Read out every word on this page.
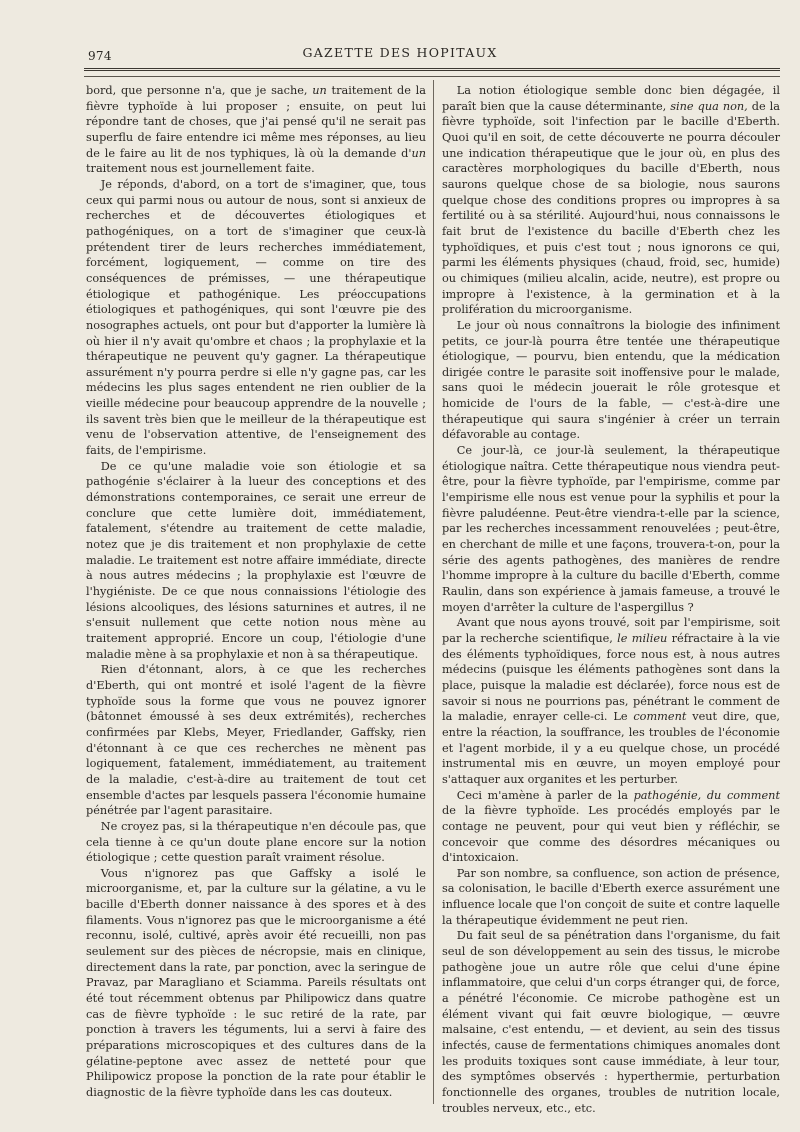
974	GAZETTE DES HOPITAUX

bord, que personne n'a, que je sache, un traitement de la fièvre typhoïde à lui proposer ; ensuite, on peut lui répondre tant de choses, que j'ai pensé qu'il ne serait pas superflu de faire entendre ici même mes réponses, au lieu de le faire au lit de nos typhiques, là où la demande d'un traitement nous est journellement faite.

Je réponds, d'abord, on a tort de s'imaginer, que, tous ceux qui parmi nous ou autour de nous, sont si anxieux de recherches et de découvertes étiologiques et pathogéniques, on a tort de s'imaginer que ceux-là prétendent tirer de leurs recherches immédiatement, forcément, logiquement, — comme on tire des conséquences de prémisses, — une thérapeutique étiologique et pathogénique. Les préoccupations étiologiques et pathogéniques, qui sont l'œuvre pie des nosographes actuels, ont pour but d'apporter la lumière là où hier il n'y avait qu'ombre et chaos ; la prophylaxie et la thérapeutique ne peuvent qu'y gagner. La thérapeutique assurément n'y pourra perdre si elle n'y gagne pas, car les médecins les plus sages entendent ne rien oublier de la vieille médecine pour beaucoup apprendre de la nouvelle ; ils savent très bien que le meilleur de la thérapeutique est venu de l'observation attentive, de l'enseignement des faits, de l'empirisme.

De ce qu'une maladie voie son étiologie et sa pathogénie s'éclairer à la lueur des conceptions et des démonstrations contemporaines, ce serait une erreur de conclure que cette lumière doit, immédiatement, fatalement, s'étendre au traitement de cette maladie, notez que je dis traitement et non prophylaxie de cette maladie. Le traitement est notre affaire immédiate, directe à nous autres médecins ; la prophylaxie est l'œuvre de l'hygiéniste. De ce que nous connaissions l'étiologie des lésions alcooliques, des lésions saturnines et autres, il ne s'ensuit nullement que cette notion nous mène au traitement approprié. Encore un coup, l'étiologie d'une maladie mène à sa prophylaxie et non à sa thérapeutique.

Rien d'étonnant, alors, à ce que les recherches d'Eberth, qui ont montré et isolé l'agent de la fièvre typhoïde sous la forme que vous ne pouvez ignorer (bâtonnet émoussé à ses deux extrémités), recherches confirmées par Klebs, Meyer, Friedlander, Gaffsky, rien d'étonnant à ce que ces recherches ne mènent pas logiquement, fatalement, immédiatement, au traitement de la maladie, c'est-à-dire au traitement de tout cet ensemble d'actes par lesquels passera l'économie humaine pénétrée par l'agent parasitaire.

Ne croyez pas, si la thérapeutique n'en découle pas, que cela tienne à ce qu'un doute plane encore sur la notion étiologique ; cette question paraît vraiment résolue.

Vous n'ignorez pas que Gaffsky a isolé le microorganisme, et, par la culture sur la gélatine, a vu le bacille d'Eberth donner naissance à des spores et à des filaments. Vous n'ignorez pas que le microorganisme a été reconnu, isolé, cultivé, après avoir été recueilli, non pas seulement sur des pièces de nécropsie, mais en clinique, directement dans la rate, par ponction, avec la seringue de Pravaz, par Maragliano et Sciamma. Pareils résultats ont été tout récemment obtenus par Philipowicz dans quatre cas de fièvre typhoïde : le suc retiré de la rate, par ponction à travers les téguments, lui a servi à faire des préparations microscopiques et des cultures dans de la gélatine-peptone avec assez de netteté pour que Philipowicz propose la ponction de la rate pour établir le diagnostic de la fièvre typhoïde dans les cas douteux.

La notion étiologique semble donc bien dégagée, il paraît bien que la cause déterminante, sine qua non, de la fièvre typhoïde, soit l'infection par le bacille d'Eberth. Quoi qu'il en soit, de cette découverte ne pourra découler une indication thérapeutique que le jour où, en plus des caractères morphologiques du bacille d'Eberth, nous saurons quelque chose de sa biologie, nous saurons quelque chose des conditions propres ou impropres à sa fertilité ou à sa stérilité. Aujourd'hui, nous connaissons le fait brut de l'existence du bacille d'Eberth chez les typhoïdiques, et puis c'est tout ; nous ignorons ce qui, parmi les éléments physiques (chaud, froid, sec, humide) ou chimiques (milieu alcalin, acide, neutre), est propre ou impropre à l'existence, à la germination et à la prolifération du microorganisme.

Le jour où nous connaîtrons la biologie des infiniment petits, ce jour-là pourra être tentée une thérapeutique étiologique, — pourvu, bien entendu, que la médication dirigée contre le parasite soit inoffensive pour le malade, sans quoi le médecin jouerait le rôle grotesque et homicide de l'ours de la fable, — c'est-à-dire une thérapeutique qui saura s'ingénier à créer un terrain défavorable au contage.

Ce jour-là, ce jour-là seulement, la thérapeutique étiologique naîtra. Cette thérapeutique nous viendra peut-être, pour la fièvre typhoïde, par l'empirisme, comme par l'empirisme elle nous est venue pour la syphilis et pour la fièvre paludéenne. Peut-être viendra-t-elle par la science, par les recherches incessamment renouvelées ; peut-être, en cherchant de mille et une façons, trouvera-t-on, pour la série des agents pathogènes, des manières de rendre l'homme impropre à la culture du bacille d'Eberth, comme Raulin, dans son expérience à jamais fameuse, a trouvé le moyen d'arrêter la culture de l'aspergillus ?

Avant que nous ayons trouvé, soit par l'empirisme, soit par la recherche scientifique, le milieu réfractaire à la vie des éléments typhoïdiques, force nous est, à nous autres médecins (puisque les éléments pathogènes sont dans la place, puisque la maladie est déclarée), force nous est de savoir si nous ne pourrions pas, pénétrant le comment de la maladie, enrayer celle-ci. Le comment veut dire, que, entre la réaction, la souffrance, les troubles de l'économie et l'agent morbide, il y a eu quelque chose, un procédé instrumental mis en œuvre, un moyen employé pour s'attaquer aux organites et les perturber.

Ceci m'amène à parler de la pathogénie, du comment de la fièvre typhoïde. Les procédés employés par le contage ne peuvent, pour qui veut bien y réfléchir, se concevoir que comme des désordres mécaniques ou d'intoxicaion.

Par son nombre, sa confluence, son action de présence, sa colonisation, le bacille d'Eberth exerce assurément une influence locale que l'on conçoit de suite et contre laquelle la thérapeutique évidemment ne peut rien.

Du fait seul de sa pénétration dans l'organisme, du fait seul de son développement au sein des tissus, le microbe pathogène joue un autre rôle que celui d'une épine inflammatoire, que celui d'un corps étranger qui, de force, a pénétré l'économie. Ce microbe pathogène est un élément vivant qui fait œuvre biologique, — œuvre malsaine, c'est entendu, — et devient, au sein des tissus infectés, cause de fermentations chimiques anomales dont les produits toxiques sont cause immédiate, à leur tour, des symptômes observés : hyperthermie, perturbation fonctionnelle des organes, troubles de nutrition locale, troubles nerveux, etc., etc.
